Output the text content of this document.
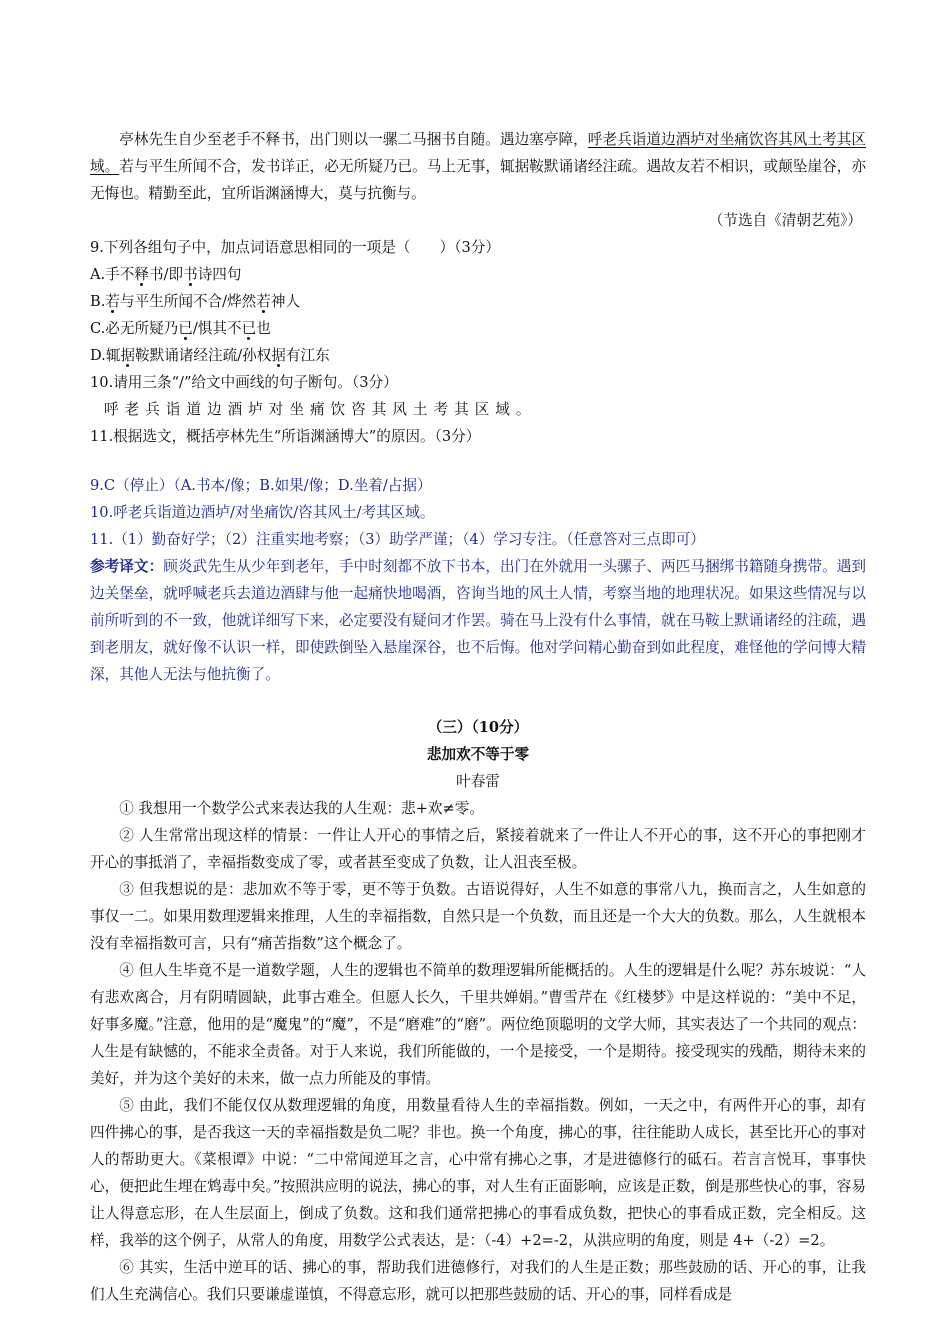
亭林先生自少至老手不释书，出门则以一骡二马捆书自随。遇边塞亭障，呼老兵诣道边酒垆对坐痛饮咨其风土考其区域。若与平生所闻不合，发书详正，必无所疑乃已。马上无事，辄据鞍默诵诸经注疏。遇故友若不相识，或颠坠崖谷，亦无悔也。精勤至此，宜所诣渊涵博大，莫与抗衡与。

（节选自《清朝艺苑》）

9.下列各组句子中，加点词语意思相同的一项是（　　）（3分）

A.手不释书/即书诗四句

B.若与平生所闻不合/烨然若神人

C.必无所疑乃已/惧其不已也

D.辄据鞍默诵诸经注疏/孙权据有江东

10.请用三条“/”给文中画线的句子断句。（3分）

呼老兵诣道边酒垆对坐痛饮咨其风土考其区域。

11.根据选文，概括亭林先生“所诣渊涵博大”的原因。（3分）

9.C（停止）（A.书本/像；B.如果/像；D.坐着/占据）

10.呼老兵诣道边酒垆/对坐痛饮/咨其风土/考其区域。

11.（1）勤奋好学；（2）注重实地考察；（3）助学严谨；（4）学习专注。（任意答对三点即可）

参考译文：顾炎武先生从少年到老年，手中时刻都不放下书本，出门在外就用一头骡子、两匹马捆绑书籍随身携带。遇到边关堡垒，就呼喊老兵去道边酒肆与他一起痛快地喝酒，咨询当地的风土人情，考察当地的地理状况。如果这些情况与以前所听到的不一致，他就详细写下来，必定要没有疑问才作罢。骑在马上没有什么事情，就在马鞍上默诵诸经的注疏，遇到老朋友，就好像不认识一样，即使跌倒坠入悬崖深谷，也不后悔。他对学问精心勤奋到如此程度，难怪他的学问博大精深，其他人无法与他抗衡了。

（三）（10分）

悲加欢不等于零

叶春雷

① 我想用一个数学公式来表达我的人生观：悲+欢≠零。

② 人生常常出现这样的情景：一件让人开心的事情之后，紧接着就来了一件让人不开心的事，这不开心的事把刚才开心的事抵消了，幸福指数变成了零，或者甚至变成了负数，让人沮丧至极。

③ 但我想说的是：悲加欢不等于零，更不等于负数。古语说得好，人生不如意的事常八九，换而言之，人生如意的事仅一二。如果用数理逻辑来推理，人生的幸福指数，自然只是一个负数，而且还是一个大大的负数。那么，人生就根本没有幸福指数可言，只有“痛苦指数”这个概念了。

④ 但人生毕竟不是一道数学题，人生的逻辑也不简单的数理逻辑所能概括的。人生的逻辑是什么呢？苏东坡说：“人有悲欢离合，月有阴晴圆缺，此事古难全。但愿人长久，千里共婵娟。”曹雪芹在《红楼梦》中是这样说的：“美中不足，好事多魔。”注意，他用的是“魔鬼”的“魔”，不是“磨难”的“磨”。两位绝顶聪明的文学大师，其实表达了一个共同的观点：人生是有缺憾的，不能求全责备。对于人来说，我们所能做的，一个是接受，一个是期待。接受现实的残酷，期待未来的美好，并为这个美好的未来，做一点力所能及的事情。

⑤ 由此，我们不能仅仅从数理逻辑的角度，用数量看待人生的幸福指数。例如，一天之中，有两件开心的事，却有四件拂心的事，是否我这一天的幸福指数是负二呢？非也。换一个角度，拂心的事，往往能助人成长，甚至比开心的事对人的帮助更大。《菜根谭》中说：“二中常闻逆耳之言，心中常有拂心之事，才是进德修行的砥石。若言言悦耳，事事快心，便把此生埋在鸩毒中矣。”按照洪应明的说法，拂心的事，对人生有正面影响，应该是正数，倒是那些快心的事，容易让人得意忘形，在人生层面上，倒成了负数。这和我们通常把拂心的事看成负数，把快心的事看成正数，完全相反。这样，我举的这个例子，从常人的角度，用数学公式表达，是：（-4）+2=-2，从洪应明的角度，则是 4+（-2）=2。

⑥ 其实，生活中逆耳的话、拂心的事，帮助我们进德修行，对我们的人生是正数；那些鼓励的话、开心的事，让我们人生充满信心。我们只要谦虚谨慎，不得意忘形，就可以把那些鼓励的话、开心的事，同样看成是
